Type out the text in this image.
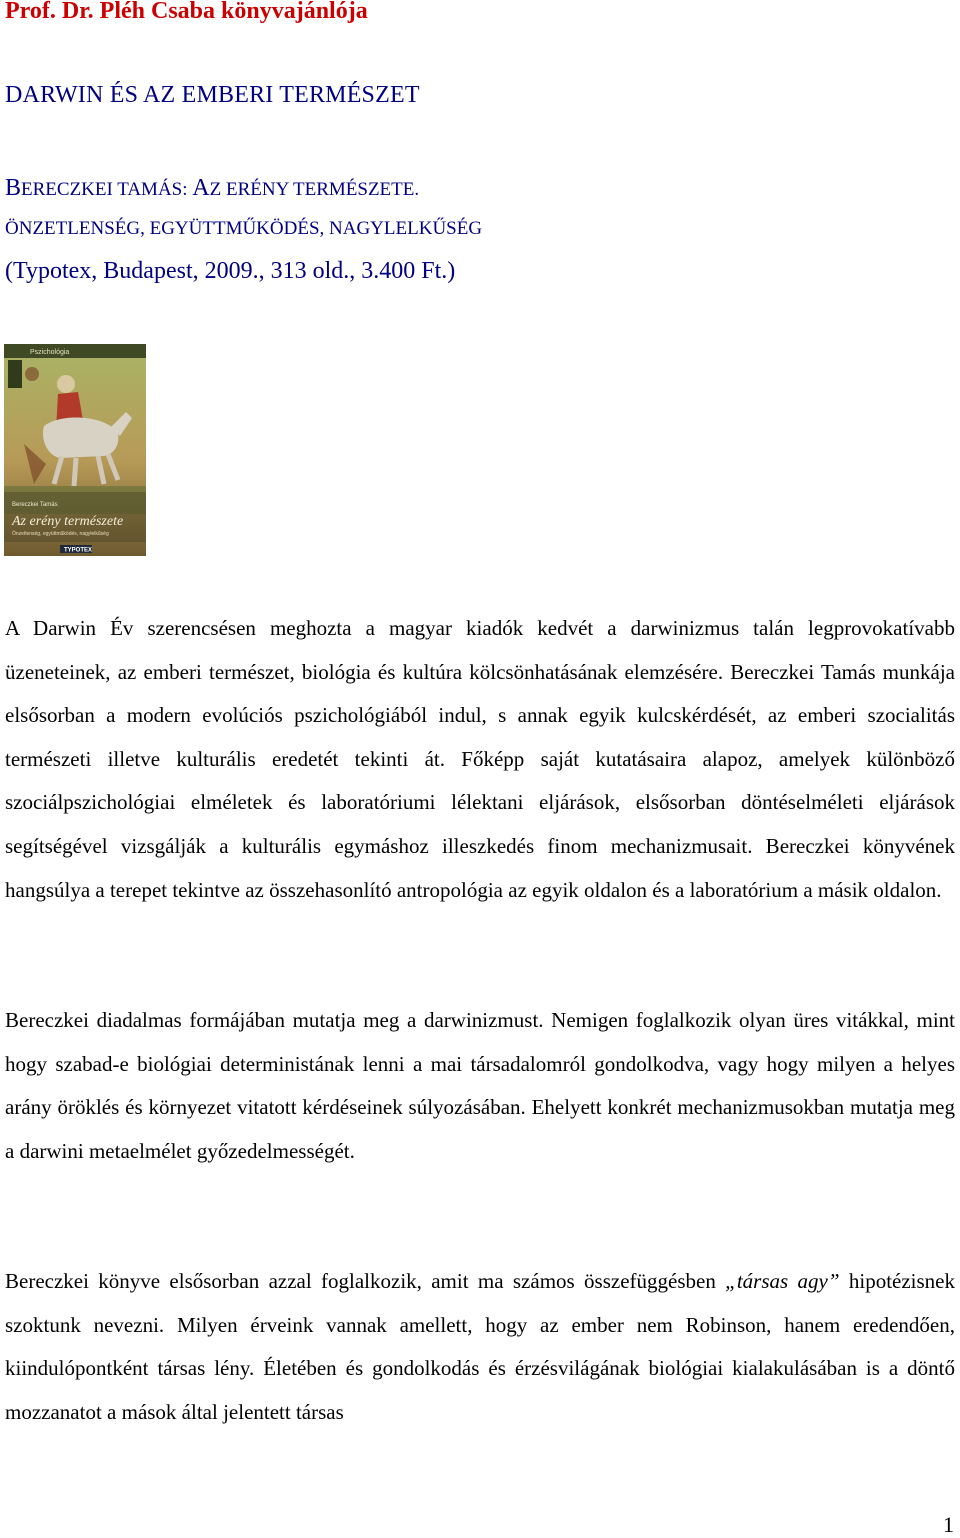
Prof. Dr. Pléh Csaba könyvajánlója
DARWIN ÉS AZ EMBERI TERMÉSZET
BERECZKEI TAMÁS: AZ ERÉNY TERMÉSZETE.
ÖNZETLENSÉG, EGYÜTTMŰKÖDÉS, NAGYLELKŰSÉG
(Typotex, Budapest, 2009., 313 old., 3.400 Ft.)
Pszichológia
Bereczkei Tamás
Az erény természete
Önzetlenség, együttműködés, nagylelkűség
TYPOTEX

A Darwin Év szerencsésen meghozta a magyar kiadók kedvét a darwinizmus talán legprovokatívabb üzeneteinek, az emberi természet, biológia és kultúra kölcsönhatásának elemzésére. Bereczkei Tamás munkája elsősorban a modern evolúciós pszichológiából indul, s annak egyik kulcskérdését, az emberi szocialitás természeti illetve kulturális eredetét tekinti át. Főképp saját kutatásaira alapoz, amelyek különböző szociálpszichológiai elméletek és laboratóriumi lélektani eljárások, elsősorban döntéselméleti eljárások segítségével vizsgálják a kulturális egymáshoz illeszkedés finom mechanizmusait. Bereczkei könyvének hangsúlya a terepet tekintve az összehasonlító antropológia az egyik oldalon és a laboratórium a másik oldalon.

Bereczkei diadalmas formájában mutatja meg a darwinizmust. Nemigen foglalkozik olyan üres vitákkal, mint hogy szabad-e biológiai deterministának lenni a mai társadalomról gondolkodva, vagy hogy milyen a helyes arány öröklés és környezet vitatott kérdéseinek súlyozásában. Ehelyett konkrét mechanizmusokban mutatja meg a darwini metaelmélet győzedelmességét.

Bereczkei könyve elsősorban azzal foglalkozik, amit ma számos összefüggésben „társas agy” hipotézisnek szoktunk nevezni. Milyen érveink vannak amellett, hogy az ember nem Robinson, hanem eredendően, kiindulópontként társas lény. Életében és gondolkodás és érzésvilágának biológiai kialakulásában is a döntő mozzanatot a mások által jelentett társas

1
